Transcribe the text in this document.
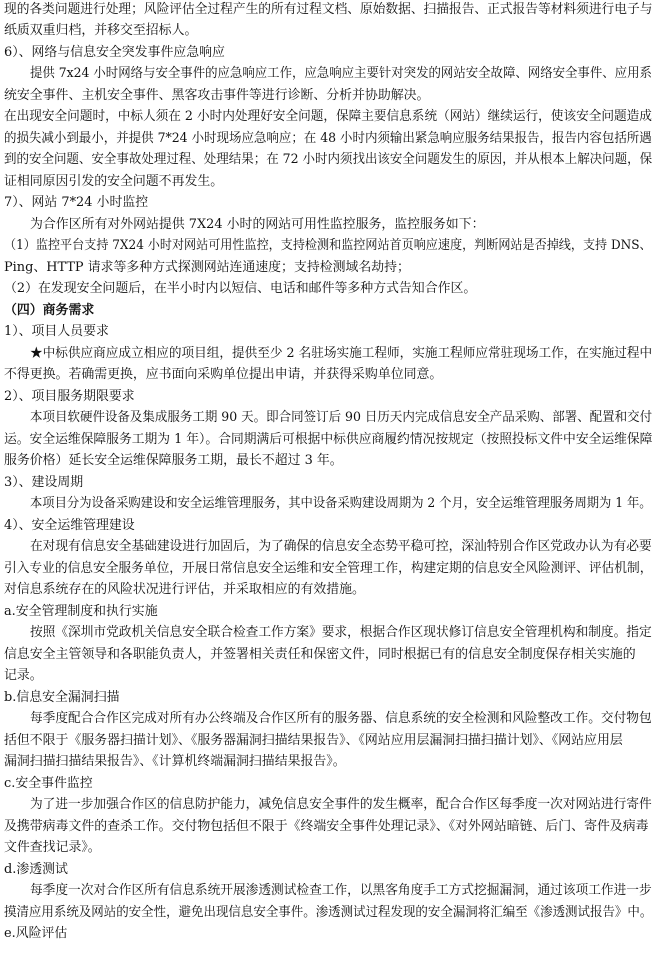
现的各类问题进行处理；风险评估全过程产生的所有过程文档、原始数据、扫描报告、正式报告等材料须进行电子与
纸质双重归档，并移交至招标人。
6）、网络与信息安全突发事件应急响应
提供 7x24 小时网络与安全事件的应急响应工作，应急响应主要针对突发的网站安全故障、网络安全事件、应用系
统安全事件、主机安全事件、黑客攻击事件等进行诊断、分析并协助解决。
在出现安全问题时，中标人须在 2 小时内处理好安全问题，保障主要信息系统（网站）继续运行，使该安全问题造成
的损失减小到最小，并提供 7*24 小时现场应急响应；在 48 小时内须输出紧急响应服务结果报告，报告内容包括所遇
到的安全问题、安全事故处理过程、处理结果；在 72 小时内须找出该安全问题发生的原因，并从根本上解决问题，保
证相同原因引发的安全问题不再发生。
7）、网站 7*24 小时监控
为合作区所有对外网站提供 7X24 小时的网站可用性监控服务，监控服务如下：
（1）监控平台支持 7X24 小时对网站可用性监控，支持检测和监控网站首页响应速度，判断网站是否掉线，支持 DNS、
Ping、HTTP 请求等多种方式探测网站连通速度；支持检测域名劫持；
（2）在发现安全问题后，在半小时内以短信、电话和邮件等多种方式告知合作区。
（四）商务需求
1）、项目人员要求
★中标供应商应成立相应的项目组，提供至少 2 名驻场实施工程师，实施工程师应常驻现场工作，在实施过程中
不得更换。若确需更换，应书面向采购单位提出申请，并获得采购单位同意。
2）、项目服务期限要求
本项目软硬件设备及集成服务工期 90 天。即合同签订后 90 日历天内完成信息安全产品采购、部署、配置和交付
运。安全运维保障服务工期为 1 年）。合同期满后可根据中标供应商履约情况按规定（按照投标文件中安全运维保障
服务价格）延长安全运维保障服务工期，最长不超过 3 年。
3）、建设周期
本项目分为设备采购建设和安全运维管理服务，其中设备采购建设周期为 2 个月，安全运维管理服务周期为 1 年。
4）、安全运维管理建设
在对现有信息安全基础建设进行加固后，为了确保的信息安全态势平稳可控，深汕特别合作区党政办认为有必要
引入专业的信息安全服务单位，开展日常信息安全运维和安全管理工作，构建定期的信息安全风险测评、评估机制，
对信息系统存在的风险状况进行评估，并采取相应的有效措施。
a.安全管理制度和执行实施
按照《深圳市党政机关信息安全联合检查工作方案》要求，根据合作区现状修订信息安全管理机构和制度。指定
信息安全主管领导和各职能负责人，并签署相关责任和保密文件，同时根据已有的信息安全制度保存相关实施的
记录。
b.信息安全漏洞扫描
每季度配合合作区完成对所有办公终端及合作区所有的服务器、信息系统的安全检测和风险整改工作。交付物包
括但不限于《服务器扫描计划》、《服务器漏洞扫描结果报告》、《网站应用层漏洞扫描扫描计划》、《网站应用层
漏洞扫描扫描结果报告》、《计算机终端漏洞扫描结果报告》。
c.安全事件监控
为了进一步加强合作区的信息防护能力，减免信息安全事件的发生概率，配合合作区每季度一次对网站进行寄件
及携带病毒文件的查杀工作。交付物包括但不限于《终端安全事件处理记录》、《对外网站暗链、后门、寄件及病毒
文件查找记录》。
d.渗透测试
每季度一次对合作区所有信息系统开展渗透测试检查工作，以黑客角度手工方式挖掘漏洞，通过该项工作进一步
摸清应用系统及网站的安全性，避免出现信息安全事件。渗透测试过程发现的安全漏洞将汇编至《渗透测试报告》中。
e.风险评估
